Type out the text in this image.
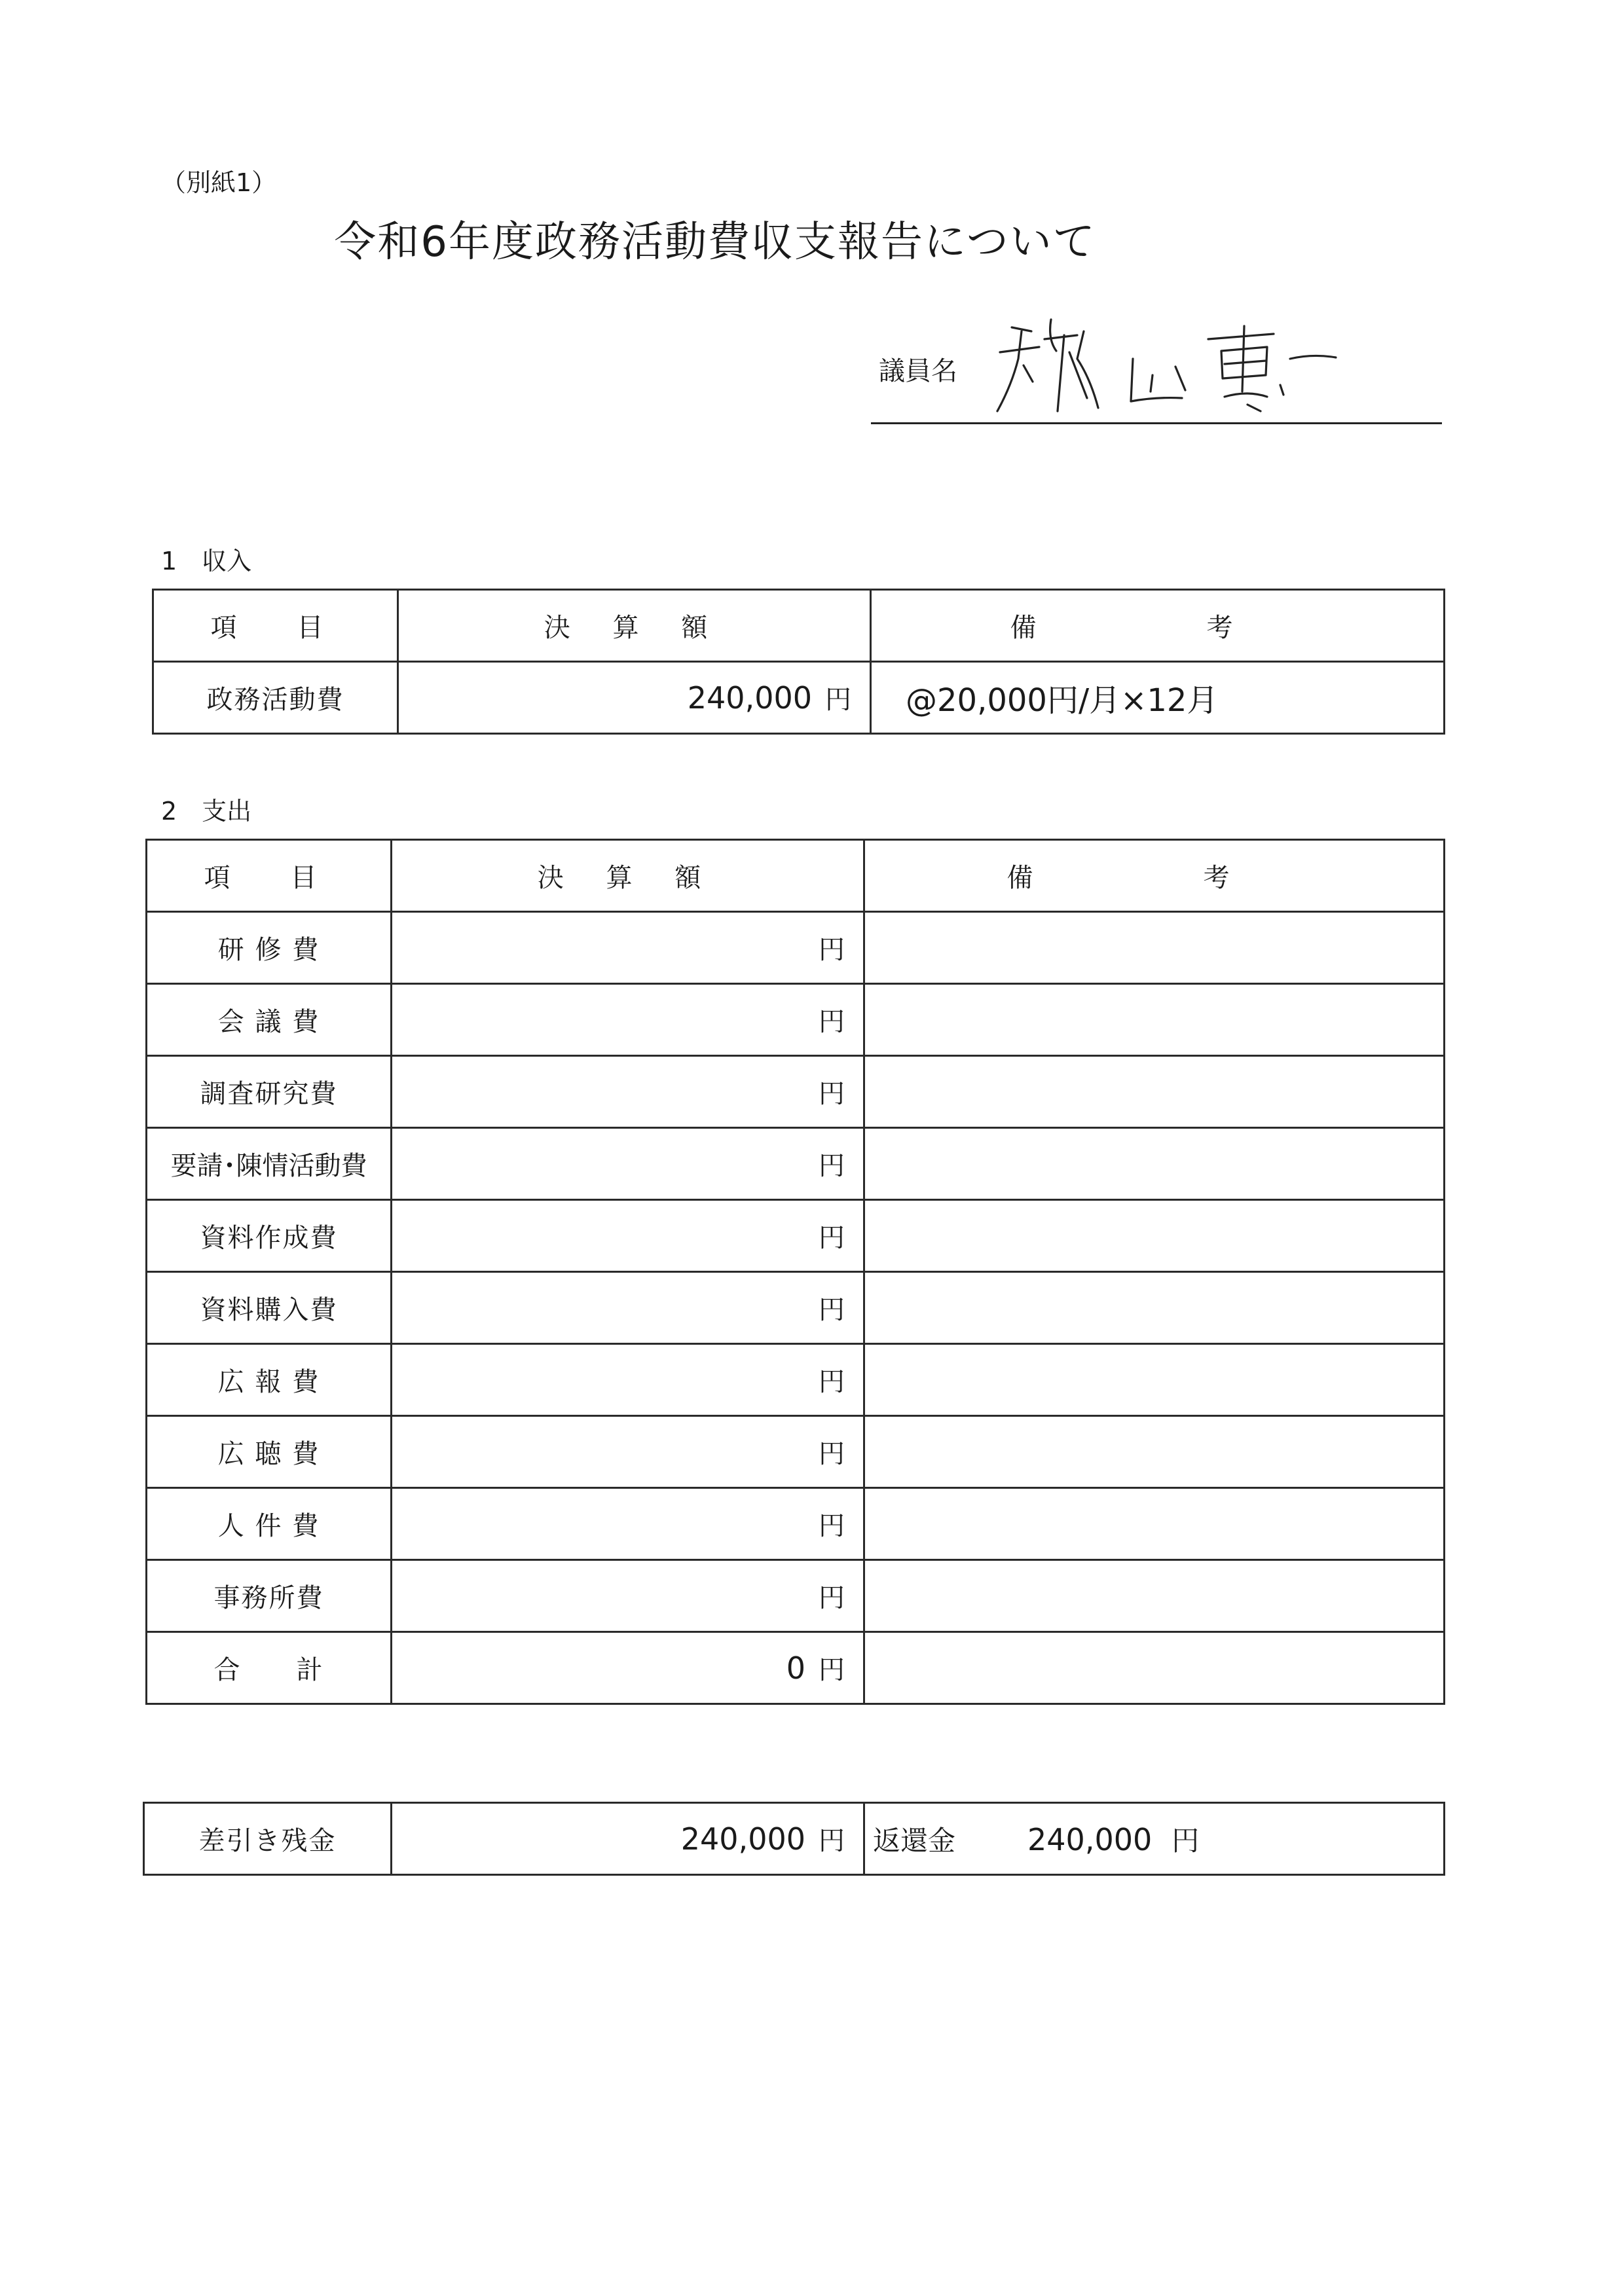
（別紙1）
令和6年度政務活動費収支報告について
議員名
1　収入
項　目	決 算 額	備　考
政務活動費	240,000 円	@20,000円/月×12月
2　支出
項　目	決 算 額	備　考
研 修 費	円	
会 議 費	円	
調査研究費	円	
要請･陳情活動費	円	
資料作成費	円	
資料購入費	円	
広 報 費	円	
広 聴 費	円	
人 件 費	円	
事務所費	円	
合　　計	0 円	
差引き残金	240,000 円	返還金 240,000 円
